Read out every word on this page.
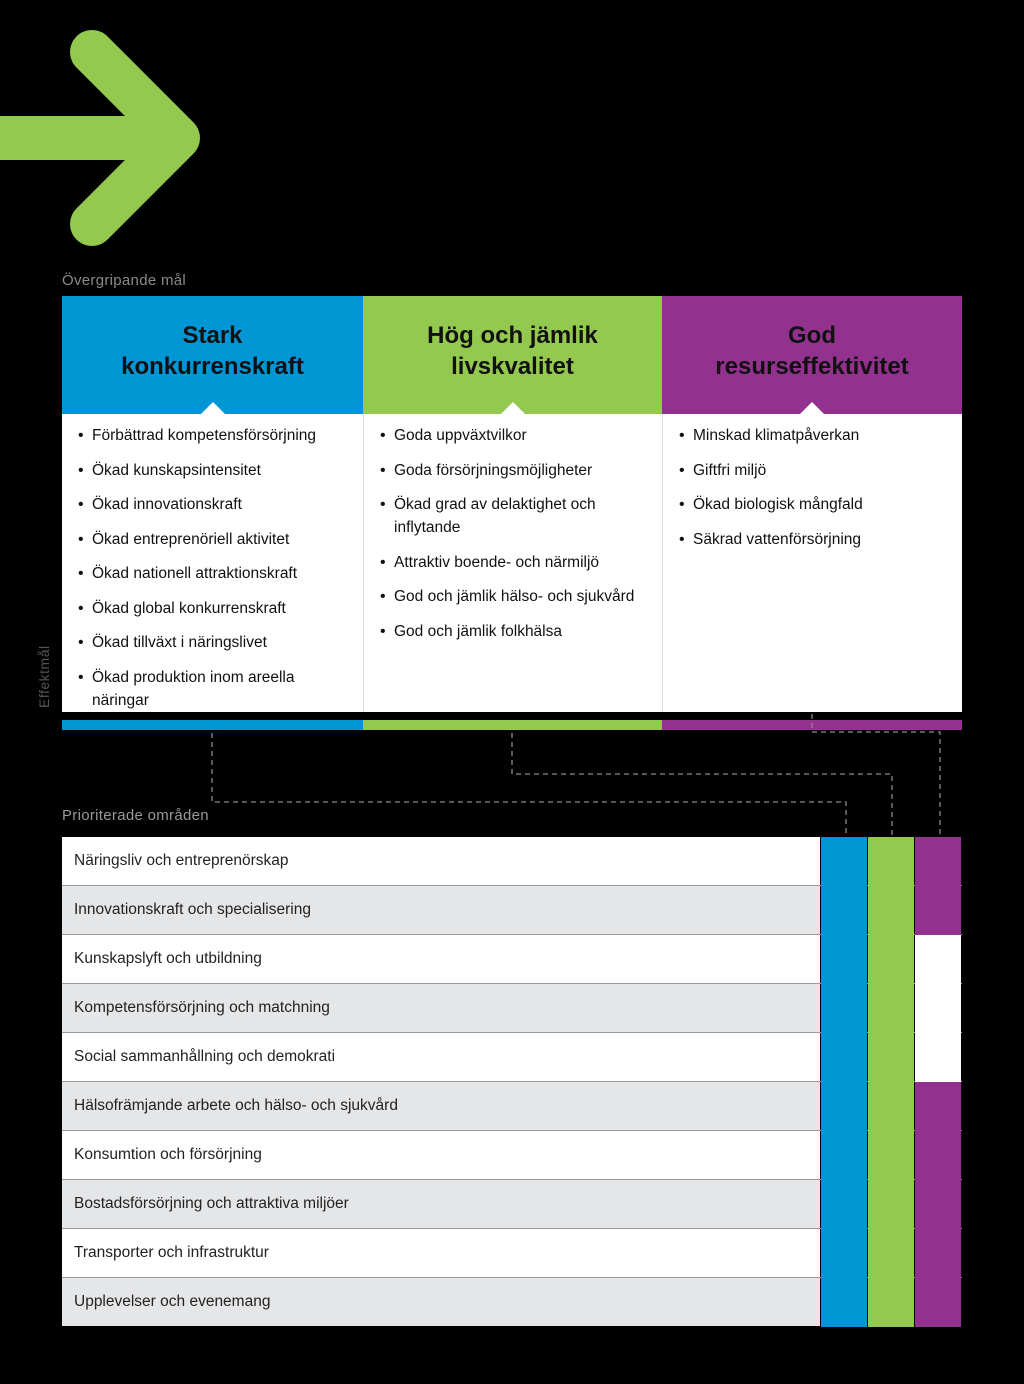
Övergripande mål
Effektmål
Stark
konkurrenskraft
• Förbättrad kompetensförsörjning
• Ökad kunskapsintensitet
• Ökad innovationskraft
• Ökad entreprenöriell aktivitet
• Ökad nationell attraktionskraft
• Ökad global konkurrenskraft
• Ökad tillväxt i näringslivet
• Ökad produktion inom areella näringar
Hög och jämlik
livskvalitet
• Goda uppväxtvilkor
• Goda försörjningsmöjligheter
• Ökad grad av delaktighet och inflytande
• Attraktiv boende- och närmiljö
• God och jämlik hälso- och sjukvård
• God och jämlik folkhälsa
God
resurseffektivitet
• Minskad klimatpåverkan
• Giftfri miljö
• Ökad biologisk mångfald
• Säkrad vattenförsörjning
Prioriterade områden
Näringsliv och entreprenörskap
Innovationskraft och specialisering
Kunskapslyft och utbildning
Kompetensförsörjning och matchning
Social sammanhållning och demokrati
Hälsofrämjande arbete och hälso- och sjukvård
Konsumtion och försörjning
Bostadsförsörjning och attraktiva miljöer
Transporter och infrastruktur
Upplevelser och evenemang
